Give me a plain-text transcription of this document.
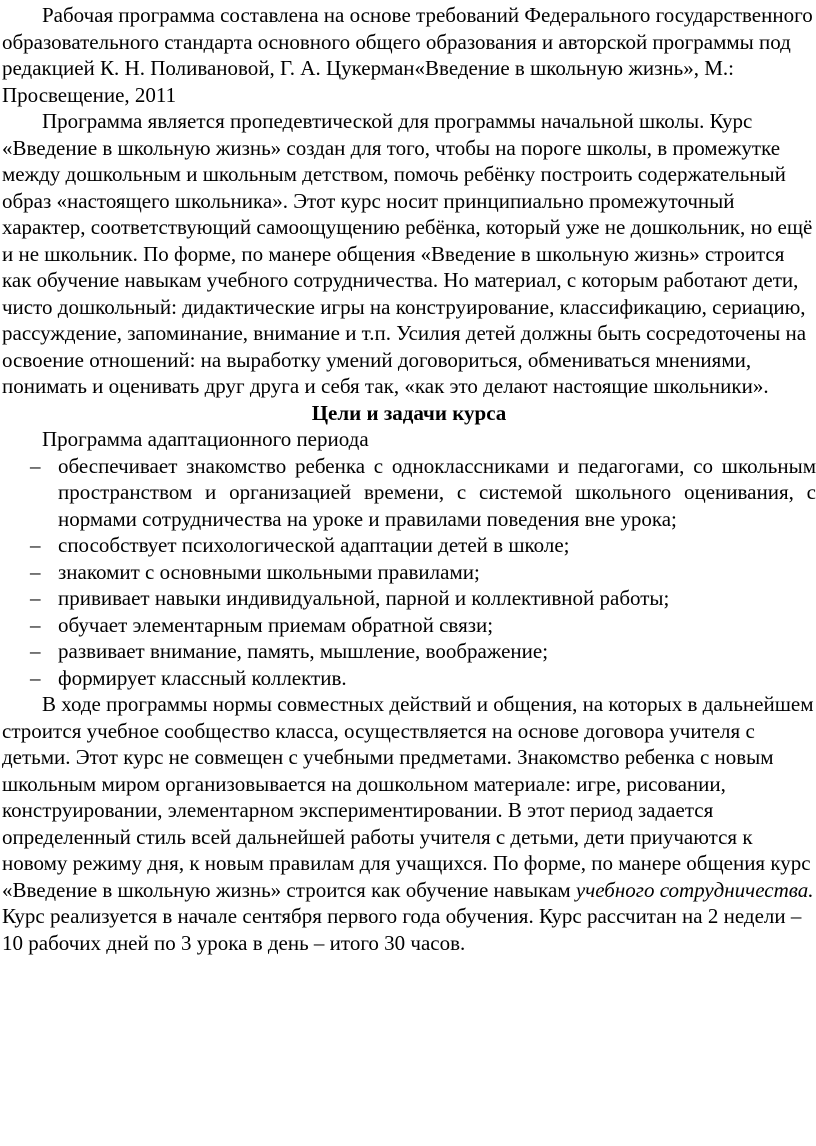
Рабочая программа составлена на основе требований Федерального государственного образовательного стандарта основного общего образования и авторской программы под редакцией К. Н. Поливановой, Г. А. Цукерман«Введение в школьную жизнь», М.: Просвещение, 2011

Программа является пропедевтической для программы начальной школы. Курс «Введение в школьную жизнь» создан для того, чтобы на пороге школы, в промежутке между дошкольным и школьным детством, помочь ребёнку построить содержательный образ «настоящего школьника». Этот курс носит принципиально промежуточный характер, соответствующий самоощущению ребёнка, который уже не дошкольник, но ещё и не школьник. По форме, по манере общения «Введение в школьную жизнь» строится как обучение навыкам учебного сотрудничества. Но материал, с которым работают дети, чисто дошкольный: дидактические игры на конструирование, классификацию, сериацию, рассуждение, запоминание, внимание и т.п. Усилия детей должны быть сосредоточены на освоение отношений: на выработку умений договориться, обмениваться мнениями, понимать и оценивать друг друга и себя так, «как это делают настоящие школьники».

Цели и задачи курса

Программа адаптационного периода

– обеспечивает знакомство ребенка с одноклассниками и педагогами, со школьным пространством и организацией времени, с системой школьного оценивания, с нормами сотрудничества на уроке и правилами поведения вне урока;
– способствует психологической адаптации детей в школе;
– знакомит с основными школьными правилами;
– прививает навыки индивидуальной, парной и коллективной работы;
– обучает элементарным приемам обратной связи;
– развивает внимание, память, мышление, воображение;
– формирует классный коллектив.

В ходе программы нормы совместных действий и общения, на которых в дальнейшем строится учебное сообщество класса, осуществляется на основе договора учителя с детьми. Этот курс не совмещен с учебными предметами. Знакомство ребенка с новым школьным миром организовывается на дошкольном материале: игре, рисовании, конструировании, элементарном экспериментировании. В этот период задается определенный стиль всей дальнейшей работы учителя с детьми, дети приучаются к новому режиму дня, к новым правилам для учащихся. По форме, по манере общения курс «Введение в школьную жизнь» строится как обучение навыкам учебного сотрудничества.

Курс реализуется в начале сентября первого года обучения. Курс рассчитан на 2 недели – 10 рабочих дней по 3 урока в день – итого 30 часов.
